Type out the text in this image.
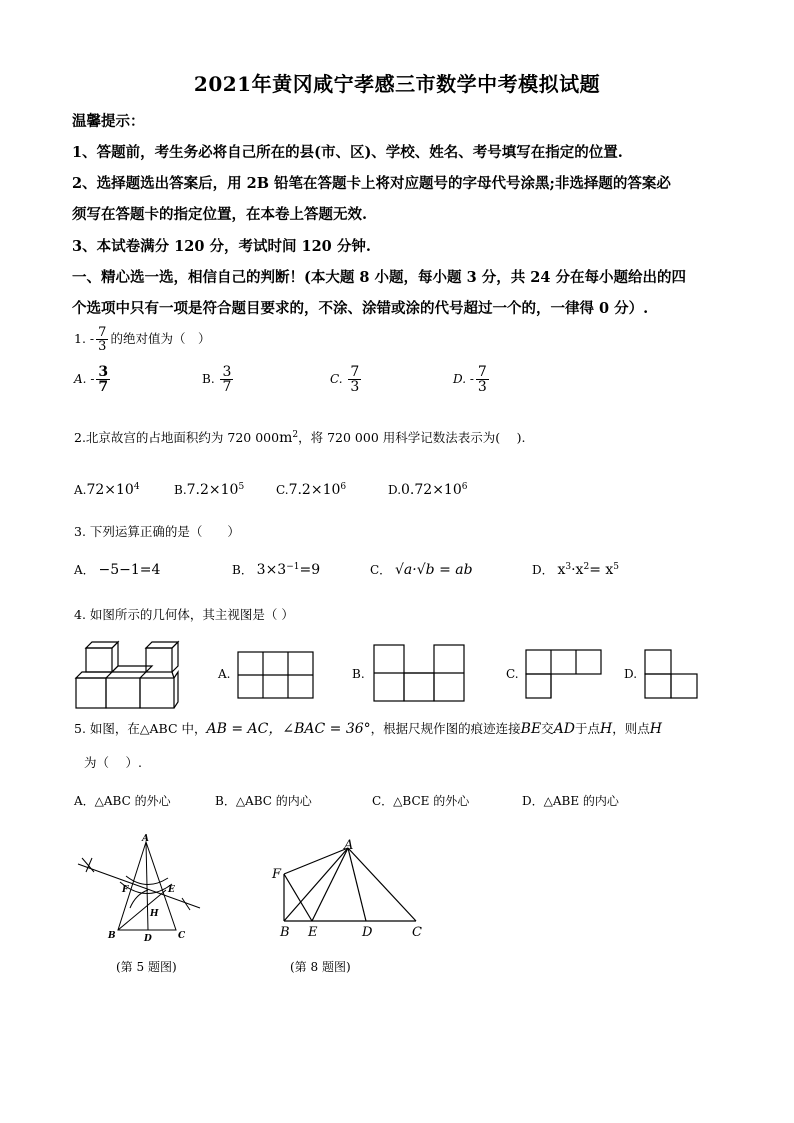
2021年黄冈咸宁孝感三市数学中考模拟试题
温馨提示：
1、答题前，考生务必将自己所在的县(市、区)、学校、姓名、考号填写在指定的位置.
2、选择题选出答案后，用 2B 铅笔在答题卡上将对应题号的字母代号涂黑;非选择题的答案必
须写在答题卡的指定位置，在本卷上答题无效.
3、本试卷满分 120 分，考试时间 120 分钟.
一、精心选一选，相信自己的判断！(本大题 8 小题，每小题 3 分，共 24 分在每小题给出的四
个选项中只有一项是符合题目要求的，不涂、涂错或涂的代号超过一个的，一律得 0 分）.
1. - $\frac{7}{3}$ 的绝对值为（　）
A. - $\frac{3}{7}$	B. $\frac{3}{7}$	C. $\frac{7}{3}$	D. - $\frac{7}{3}$
2.北京故宫的占地面积约为 720 $000m^2$，将 720 000 用科学记数法表示为(　 ).
$A.72\times 10^4$	$B.7.2\times 10^5$	$C.7.2\times 10^6$	$D.0.72\times 10^6$
3. 下列运算正确的是（　　）
A． −5−1=4	B． $3\times 3^{-1}=9$	C． √a·√b = ab	D． $x^3\cdot x^2= x^5$
4. 如图所示的几何体，其主视图是（ ）
A.	B.	C.	D.
5. 如图，在△ABC 中，AB = AC，∠BAC = 36°，根据尺规作图的痕迹连接BE交AD于点H，则点H
为（　 ）.
A．△ABC 的外心	B．△ABC 的内心	C．△BCE 的外心	D．△ABE 的内心
A
B	C
D
E
F
H
(第 5 题图)
A
B E	D	C
F
(第 8 题图)
